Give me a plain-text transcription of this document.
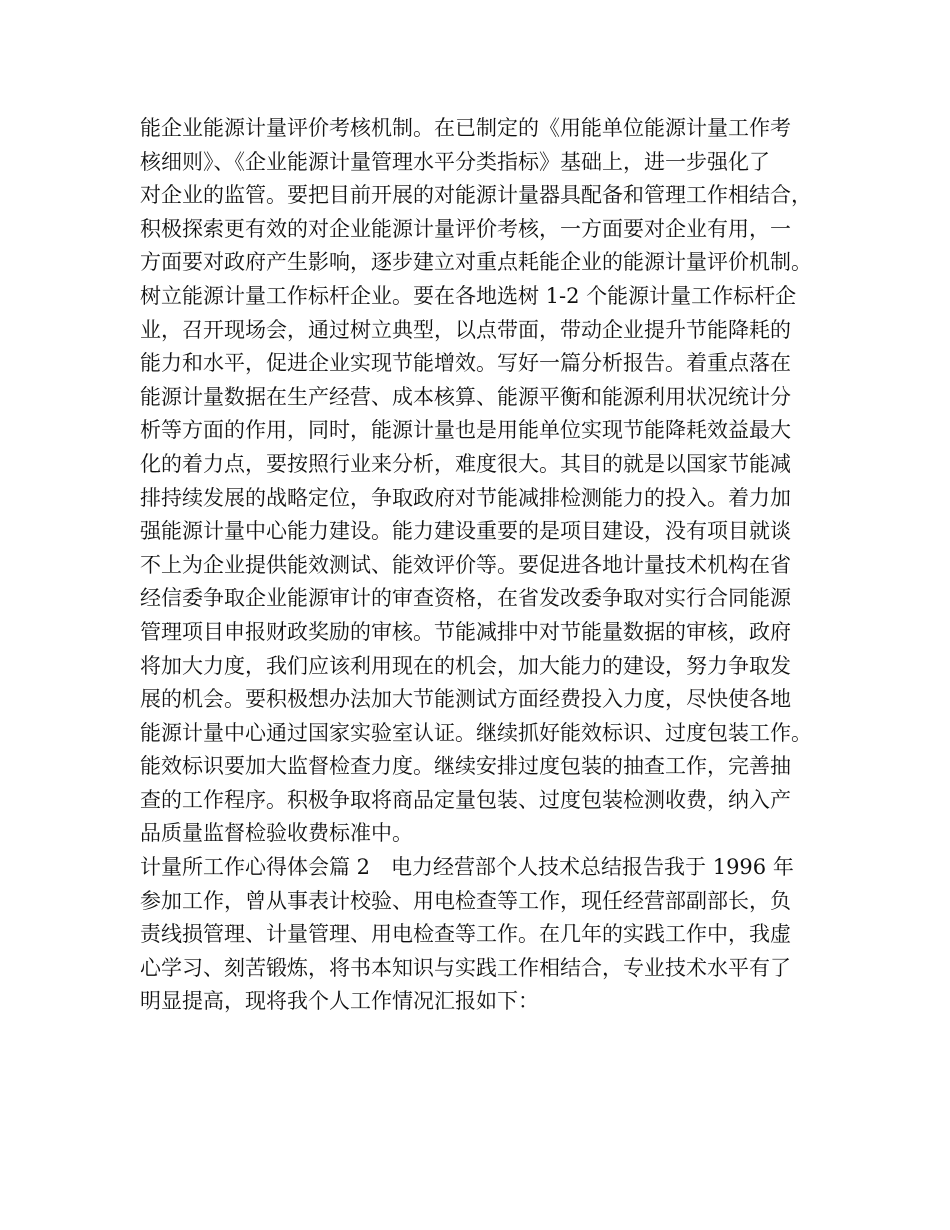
能企业能源计量评价考核机制。在已制定的《用能单位能源计量工作考
核细则》、《企业能源计量管理水平分类指标》基础上，进一步强化了
对企业的监管。要把目前开展的对能源计量器具配备和管理工作相结合，
积极探索更有效的对企业能源计量评价考核，一方面要对企业有用，一
方面要对政府产生影响，逐步建立对重点耗能企业的能源计量评价机制。
树立能源计量工作标杆企业。要在各地选树 1-2 个能源计量工作标杆企
业，召开现场会，通过树立典型，以点带面，带动企业提升节能降耗的
能力和水平，促进企业实现节能增效。写好一篇分析报告。着重点落在
能源计量数据在生产经营、成本核算、能源平衡和能源利用状况统计分
析等方面的作用，同时，能源计量也是用能单位实现节能降耗效益最大
化的着力点，要按照行业来分析，难度很大。其目的就是以国家节能减
排持续发展的战略定位，争取政府对节能减排检测能力的投入。着力加
强能源计量中心能力建设。能力建设重要的是项目建设，没有项目就谈
不上为企业提供能效测试、能效评价等。要促进各地计量技术机构在省
经信委争取企业能源审计的审查资格，在省发改委争取对实行合同能源
管理项目申报财政奖励的审核。节能减排中对节能量数据的审核，政府
将加大力度，我们应该利用现在的机会，加大能力的建设，努力争取发
展的机会。要积极想办法加大节能测试方面经费投入力度，尽快使各地
能源计量中心通过国家实验室认证。继续抓好能效标识、过度包装工作。
能效标识要加大监督检查力度。继续安排过度包装的抽查工作，完善抽
查的工作程序。积极争取将商品定量包装、过度包装检测收费，纳入产
品质量监督检验收费标准中。
计量所工作心得体会篇 2　电力经营部个人技术总结报告我于 1996 年
参加工作，曾从事表计校验、用电检查等工作，现任经营部副部长，负
责线损管理、计量管理、用电检查等工作。在几年的实践工作中，我虚
心学习、刻苦锻炼，将书本知识与实践工作相结合，专业技术水平有了
明显提高，现将我个人工作情况汇报如下：
